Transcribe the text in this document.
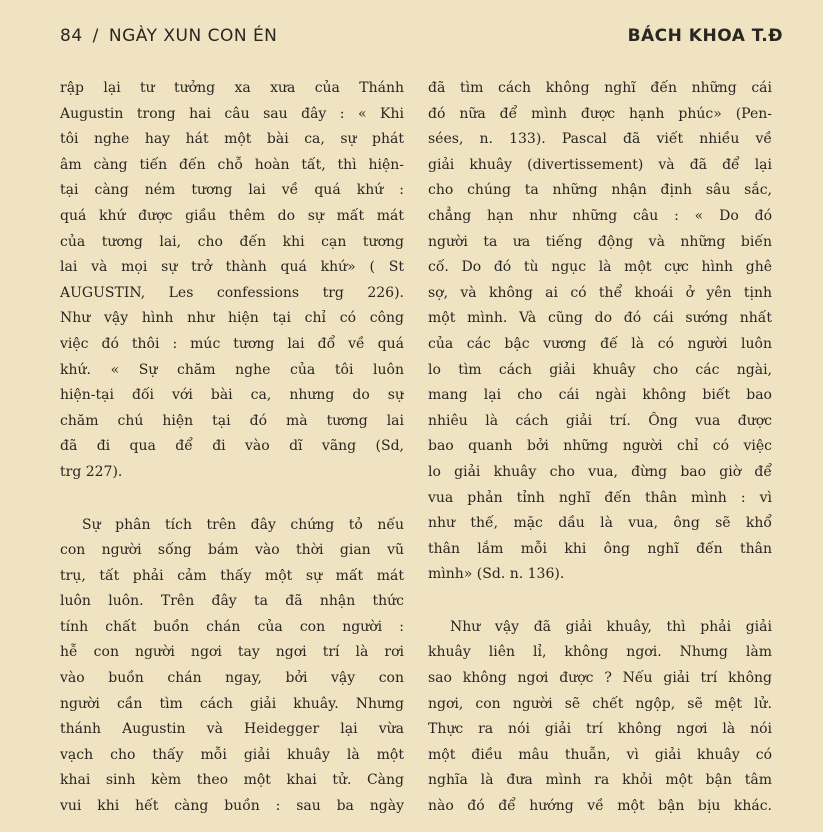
84 / NGÀY XUN CON ÉN	BÁCH KHOA T.Đ
rập lại tư tưởng xa xưa của Thánh
Augustin trong hai câu sau đây : « Khi
tôi nghe hay hát một bài ca, sự phát
âm càng tiến đến chỗ hoàn tất, thì hiện-
tại càng ném tương lai về quá khứ :
quá khứ được giầu thêm do sự mất mát
của tương lai, cho đến khi cạn tương
lai và mọi sự trở thành quá khứ» ( St
AUGUSTIN, Les confessions trg 226).
Như vậy hình như hiện tại chỉ có công
việc đó thôi : múc tương lai đổ về quá
khứ. « Sự chăm nghe của tôi luôn
hiện-tại đối với bài ca, nhưng do sự
chăm chú hiện tại đó mà tương lai
đã đi qua để đi vào dĩ vãng (Sd,
trg 227).
Sự phân tích trên đây chứng tỏ nếu
con người sống bám vào thời gian vũ
trụ, tất phải cảm thấy một sự mất mát
luôn luôn. Trên đây ta đã nhận thức
tính chất buồn chán của con người :
hễ con người ngơi tay ngơi trí là rơi
vào buồn chán ngay, bởi vậy con
người cần tìm cách giải khuây. Nhưng
thánh Augustin và Heidegger lại vừa
vạch cho thấy mỗi giải khuây là một
khai sinh kèm theo một khai tử. Càng
vui khi hết càng buồn : sau ba ngày
đã tìm cách không nghĩ đến những cái
đó nữa để mình được hạnh phúc» (Pen-
sées, n. 133). Pascal đã viết nhiều về
giải khuây (divertissement) và đã để lại
cho chúng ta những nhận định sâu sắc,
chẳng hạn như những câu : « Do đó
người ta ưa tiếng động và những biến
cố. Do đó tù ngục là một cực hình ghê
sợ, và không ai có thể khoái ở yên tịnh
một mình. Và cũng do đó cái sướng nhất
của các bậc vương đế là có người luôn
lo tìm cách giải khuây cho các ngài,
mang lại cho cái ngài không biết bao
nhiêu là cách giải trí. Ông vua được
bao quanh bởi những người chỉ có việc
lo giải khuây cho vua, đừng bao giờ để
vua phản tỉnh nghĩ đến thân mình : vì
như thế, mặc dầu là vua, ông sẽ khổ
thân lắm mỗi khi ông nghĩ đến thân
mình» (Sd. n. 136).
Như vậy đã giải khuây, thì phải giải
khuây liên lỉ, không ngơi. Nhưng làm
sao không ngơi được ? Nếu giải trí không
ngơi, con người sẽ chết ngộp, sẽ mệt lử.
Thực ra nói giải trí không ngơi là nói
một điều mâu thuẫn, vì giải khuây có
nghĩa là đưa mình ra khỏi một bận tâm
nào đó để hướng về một bận bịu khác.
